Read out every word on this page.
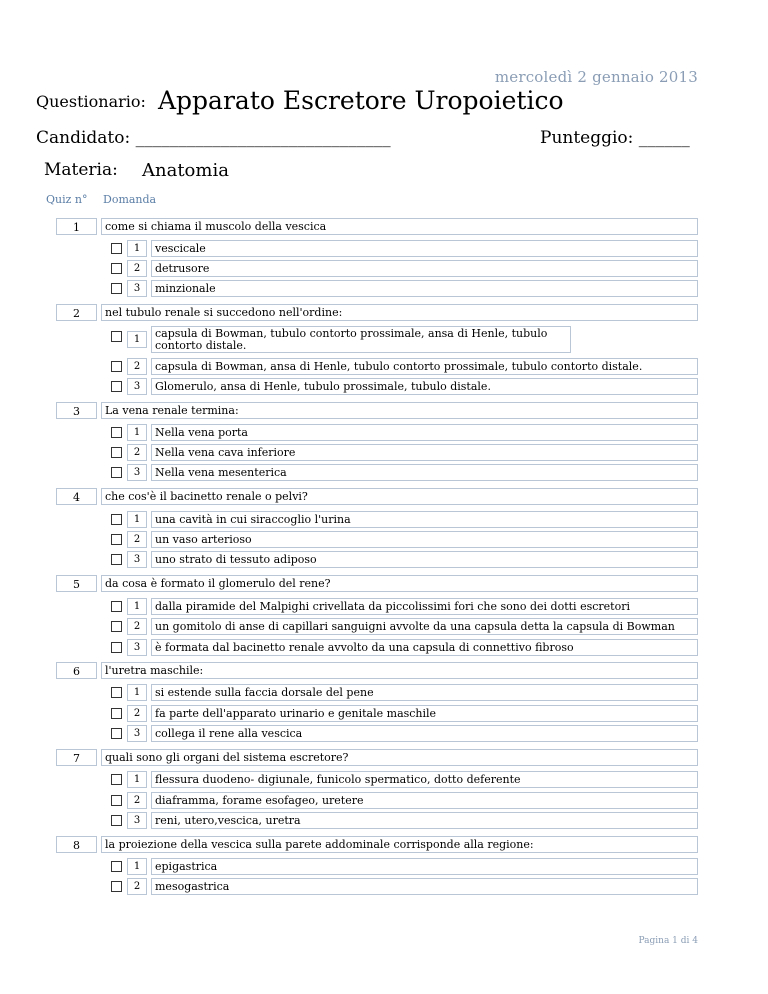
mercoledì 2 gennaio 2013
Questionario: Apparato Escretore Uropoietico
Candidato: ______________________________	Punteggio: ______
Materia: Anatomia
Quiz n° Domanda
1	come si chiama il muscolo della vescica
1	vescicale
2	detrusore
3	minzionale
2	nel tubulo renale si succedono nell'ordine:
1	capsula di Bowman, tubulo contorto prossimale, ansa di Henle, tubulo contorto distale.
2	capsula di Bowman, ansa di Henle, tubulo contorto prossimale, tubulo contorto distale.
3	Glomerulo, ansa di Henle, tubulo prossimale, tubulo distale.
3	La vena renale termina:
1	Nella vena porta
2	Nella vena cava inferiore
3	Nella vena mesenterica
4	che cos'è il bacinetto renale o pelvi?
1	una cavità in cui siraccoglio l'urina
2	un vaso arterioso
3	uno strato di tessuto adiposo
5	da cosa è formato il glomerulo del rene?
1	dalla piramide del Malpighi crivellata da piccolissimi fori che sono dei dotti escretori
2	un gomitolo di anse di capillari sanguigni avvolte da una capsula detta la capsula di Bowman
3	è formata dal bacinetto renale avvolto da una capsula di connettivo fibroso
6	l'uretra maschile:
1	si estende sulla faccia dorsale del pene
2	fa parte dell'apparato urinario e genitale maschile
3	collega il rene alla vescica
7	quali sono gli organi del sistema escretore?
1	flessura duodeno- digiunale, funicolo spermatico, dotto deferente
2	diaframma, forame esofageo, uretere
3	reni, utero,vescica, uretra
8	la proiezione della vescica sulla parete addominale corrisponde alla regione:
1	epigastrica
2	mesogastrica
Pagina 1 di 4
